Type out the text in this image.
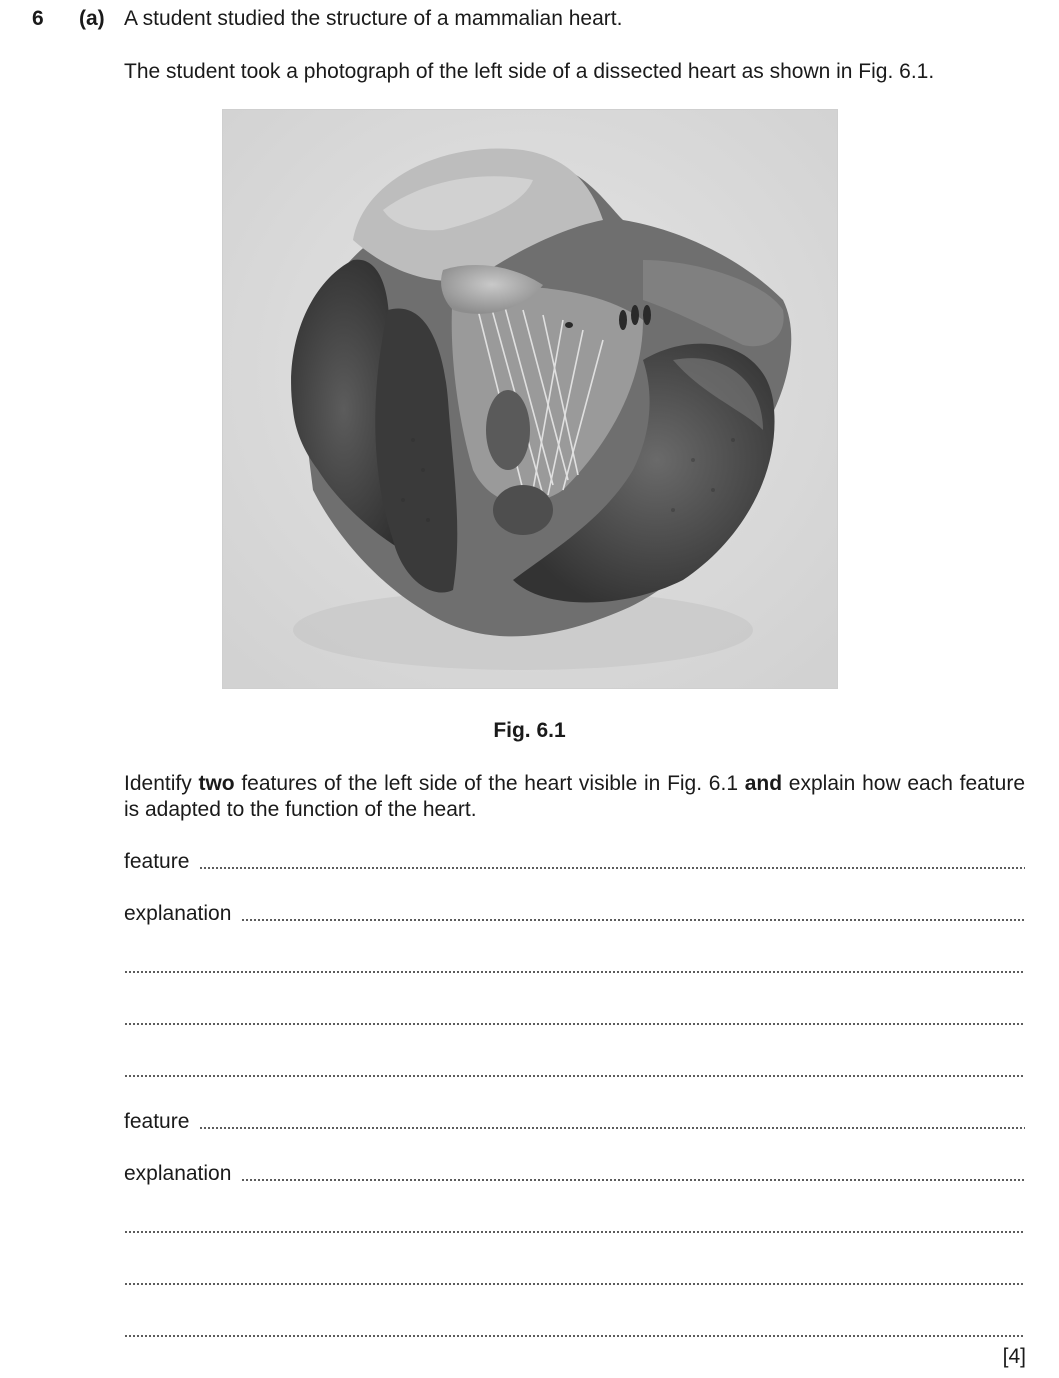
6 (a) A student studied the structure of a mammalian heart.
The student took a photograph of the left side of a dissected heart as shown in Fig. 6.1.
Fig. 6.1
Identify two features of the left side of the heart visible in Fig. 6.1 and explain how each feature is adapted to the function of the heart.
feature
explanation
feature
explanation
[4]
